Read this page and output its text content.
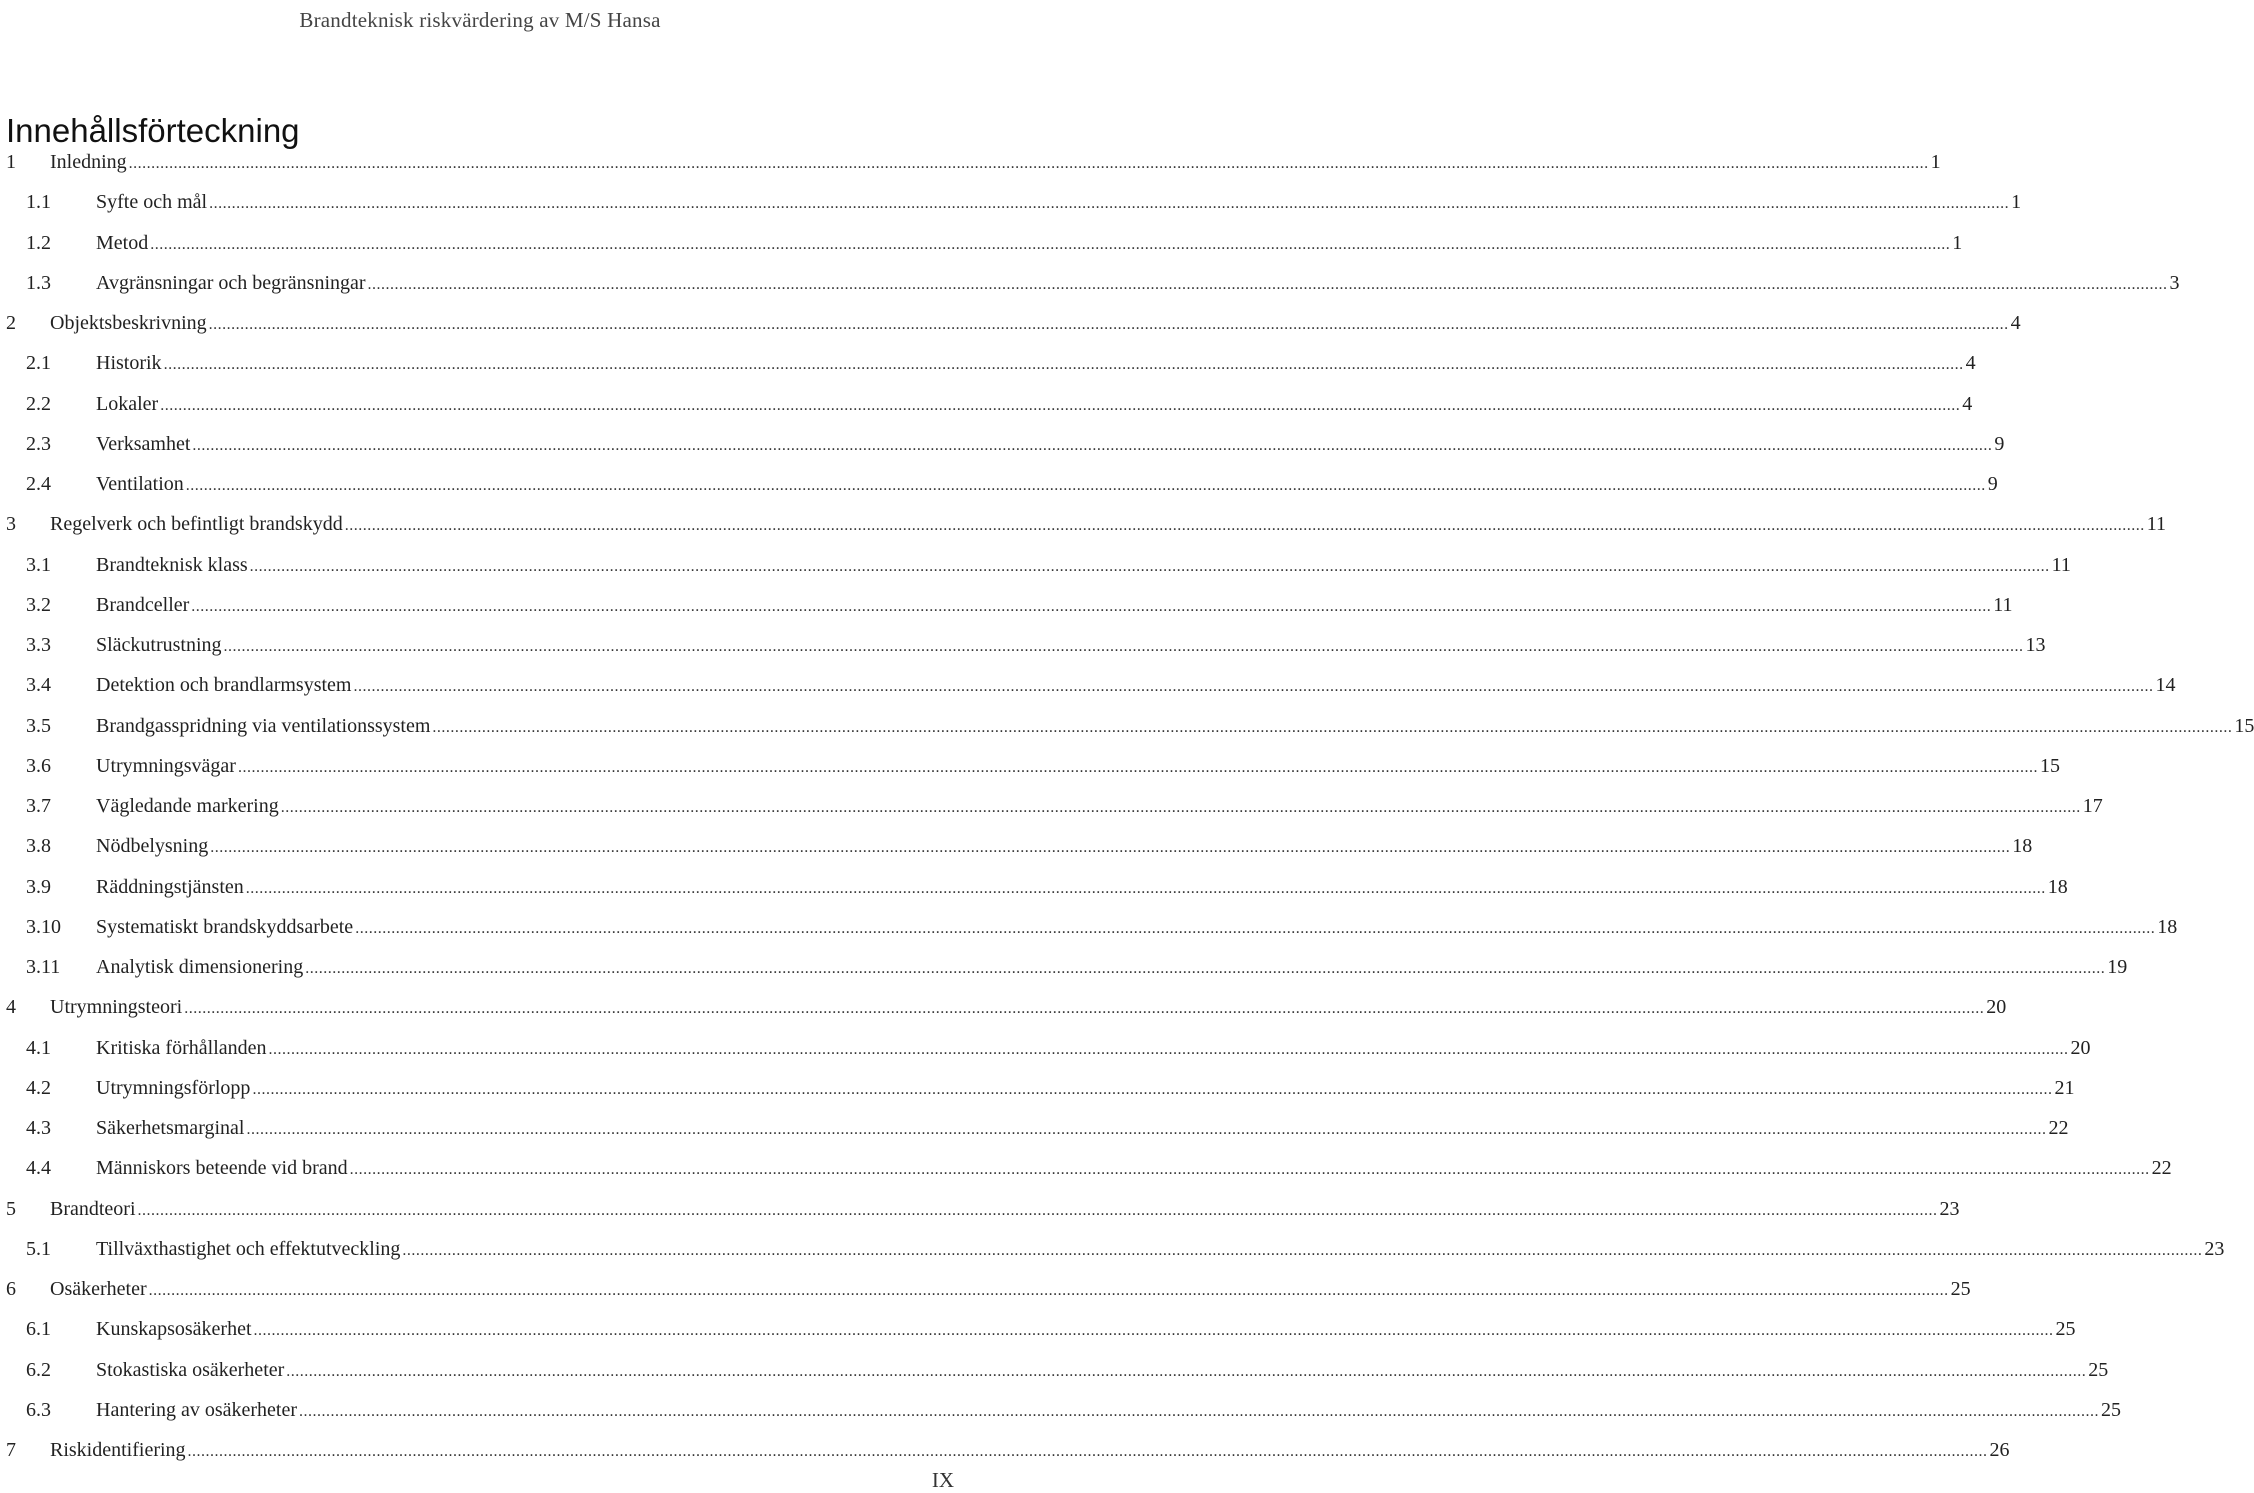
Brandteknisk riskvärdering av M/S Hansa
Innehållsförteckning
1 Inledning ................................................................................................................................................................................................................................................................................................................................................................................................................ 1
1.1 Syfte och mål ................................................................................................................................................................................................................................................................................................................................................................................................................ 1
1.2 Metod ................................................................................................................................................................................................................................................................................................................................................................................................................ 1
1.3 Avgränsningar och begränsningar ................................................................................................................................................................................................................................................................................................................................................................................................................ 3
2 Objektsbeskrivning ................................................................................................................................................................................................................................................................................................................................................................................................................ 4
2.1 Historik ................................................................................................................................................................................................................................................................................................................................................................................................................ 4
2.2 Lokaler ................................................................................................................................................................................................................................................................................................................................................................................................................ 4
2.3 Verksamhet ................................................................................................................................................................................................................................................................................................................................................................................................................ 9
2.4 Ventilation ................................................................................................................................................................................................................................................................................................................................................................................................................ 9
3 Regelverk och befintligt brandskydd ................................................................................................................................................................................................................................................................................................................................................................................................................ 11
3.1 Brandteknisk klass ................................................................................................................................................................................................................................................................................................................................................................................................................ 11
3.2 Brandceller ................................................................................................................................................................................................................................................................................................................................................................................................................ 11
3.3 Släckutrustning ................................................................................................................................................................................................................................................................................................................................................................................................................ 13
3.4 Detektion och brandlarmsystem ................................................................................................................................................................................................................................................................................................................................................................................................................ 14
3.5 Brandgasspridning via ventilationssystem ................................................................................................................................................................................................................................................................................................................................................................................................................ 15
3.6 Utrymningsvägar ................................................................................................................................................................................................................................................................................................................................................................................................................ 15
3.7 Vägledande markering ................................................................................................................................................................................................................................................................................................................................................................................................................ 17
3.8 Nödbelysning ................................................................................................................................................................................................................................................................................................................................................................................................................ 18
3.9 Räddningstjänsten ................................................................................................................................................................................................................................................................................................................................................................................................................ 18
3.10 Systematiskt brandskyddsarbete ................................................................................................................................................................................................................................................................................................................................................................................................................ 18
3.11 Analytisk dimensionering ................................................................................................................................................................................................................................................................................................................................................................................................................ 19
4 Utrymningsteori ................................................................................................................................................................................................................................................................................................................................................................................................................ 20
4.1 Kritiska förhållanden ................................................................................................................................................................................................................................................................................................................................................................................................................ 20
4.2 Utrymningsförlopp ................................................................................................................................................................................................................................................................................................................................................................................................................ 21
4.3 Säkerhetsmarginal ................................................................................................................................................................................................................................................................................................................................................................................................................ 22
4.4 Människors beteende vid brand ................................................................................................................................................................................................................................................................................................................................................................................................................ 22
5 Brandteori ................................................................................................................................................................................................................................................................................................................................................................................................................ 23
5.1 Tillväxthastighet och effektutveckling ................................................................................................................................................................................................................................................................................................................................................................................................................ 23
6 Osäkerheter ................................................................................................................................................................................................................................................................................................................................................................................................................ 25
6.1 Kunskapsosäkerhet ................................................................................................................................................................................................................................................................................................................................................................................................................ 25
6.2 Stokastiska osäkerheter ................................................................................................................................................................................................................................................................................................................................................................................................................ 25
6.3 Hantering av osäkerheter ................................................................................................................................................................................................................................................................................................................................................................................................................ 25
7 Riskidentifiering ................................................................................................................................................................................................................................................................................................................................................................................................................ 26
IX
